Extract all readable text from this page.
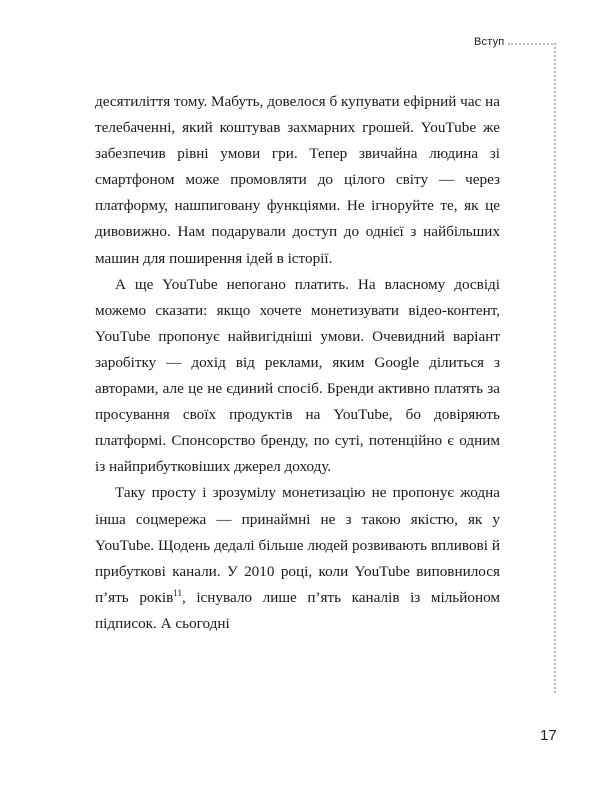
Вступ

десятиліття тому. Мабуть, довелося б купувати ефірний час на телебаченні, який коштував захмарних грошей. YouTube же забезпечив рівні умови гри. Тепер звичайна людина зі смартфоном може промовляти до цілого світу — через платформу, нашпиговану функціями. Не ігноруйте те, як це дивовижно. Нам подарували доступ до однієї з найбільших машин для поширення ідей в історії.

А ще YouTube непогано платить. На власному досвіді можемо сказати: якщо хочете монетизувати відео-контент, YouTube пропонує найвигідніші умови. Очевидний варіант заробітку — дохід від реклами, яким Google ділиться з авторами, але це не єдиний спосіб. Бренди активно платять за просування своїх продуктів на YouTube, бо довіряють платформі. Спонсорство бренду, по суті, потенційно є одним із найприбутковіших джерел доходу.

Таку просту і зрозумілу монетизацію не пропонує жодна інша соцмережа — принаймні не з такою якістю, як у YouTube. Щодень дедалі більше людей розвивають впливові й прибуткові канали. У 2010 році, коли YouTube виповнилося п’ять років$^{11}$, існувало лише п’ять каналів із мільйоном підписок. А сьогодні

17
